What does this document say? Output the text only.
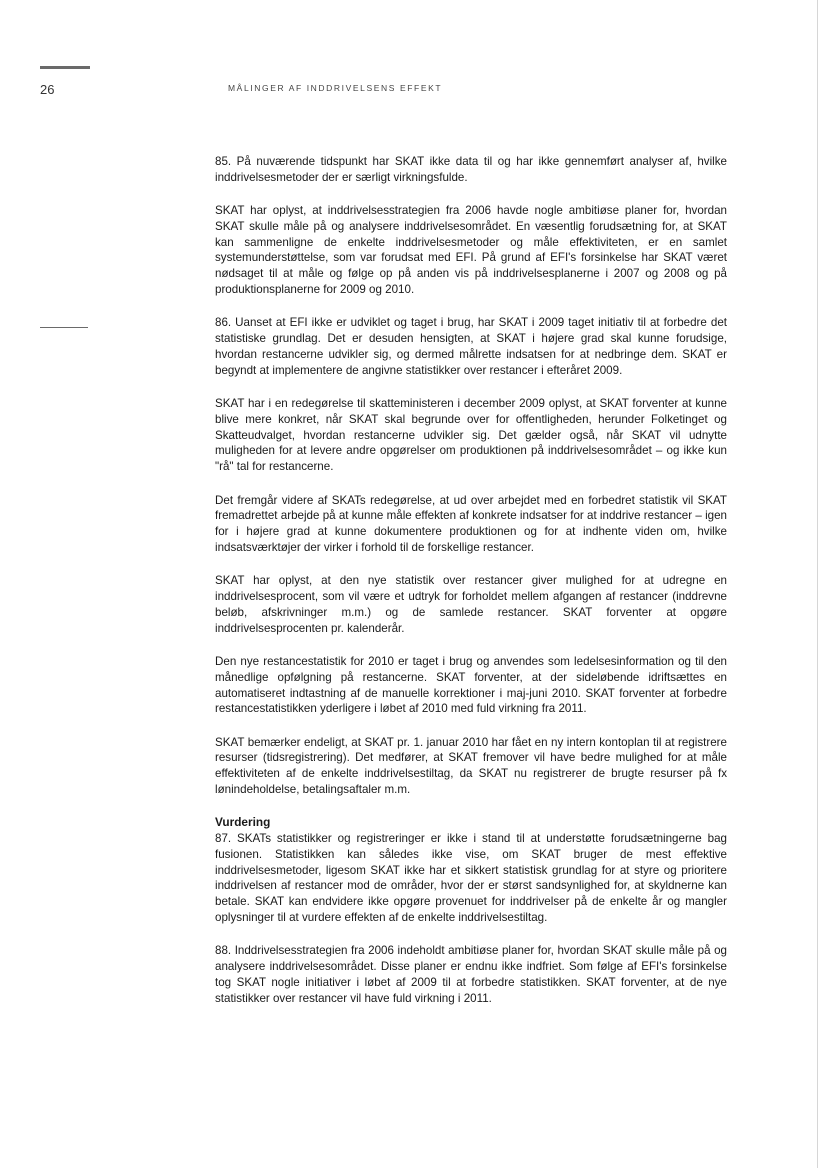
26	MÅLINGER AF INDDRIVELSENS EFFEKT

85. På nuværende tidspunkt har SKAT ikke data til og har ikke gennemført analyser af, hvilke inddrivelsesmetoder der er særligt virkningsfulde.

SKAT har oplyst, at inddrivelsesstrategien fra 2006 havde nogle ambitiøse planer for, hvordan SKAT skulle måle på og analysere inddrivelsesområdet. En væsentlig forudsætning for, at SKAT kan sammenligne de enkelte inddrivelsesmetoder og måle effektiviteten, er en samlet systemunderstøttelse, som var forudsat med EFI. På grund af EFI's forsinkelse har SKAT været nødsaget til at måle og følge op på anden vis på inddrivelsesplanerne i 2007 og 2008 og på produktionsplanerne for 2009 og 2010.

86. Uanset at EFI ikke er udviklet og taget i brug, har SKAT i 2009 taget initiativ til at forbedre det statistiske grundlag. Det er desuden hensigten, at SKAT i højere grad skal kunne forudsige, hvordan restancerne udvikler sig, og dermed målrette indsatsen for at nedbringe dem. SKAT er begyndt at implementere de angivne statistikker over restancer i efteråret 2009.

SKAT har i en redegørelse til skatteministeren i december 2009 oplyst, at SKAT forventer at kunne blive mere konkret, når SKAT skal begrunde over for offentligheden, herunder Folketinget og Skatteudvalget, hvordan restancerne udvikler sig. Det gælder også, når SKAT vil udnytte muligheden for at levere andre opgørelser om produktionen på inddrivelsesområdet – og ikke kun "rå" tal for restancerne.

Det fremgår videre af SKATs redegørelse, at ud over arbejdet med en forbedret statistik vil SKAT fremadrettet arbejde på at kunne måle effekten af konkrete indsatser for at inddrive restancer – igen for i højere grad at kunne dokumentere produktionen og for at indhente viden om, hvilke indsatsværktøjer der virker i forhold til de forskellige restancer.

SKAT har oplyst, at den nye statistik over restancer giver mulighed for at udregne en inddrivelsesprocent, som vil være et udtryk for forholdet mellem afgangen af restancer (inddrevne beløb, afskrivninger m.m.) og de samlede restancer. SKAT forventer at opgøre inddrivelsesprocenten pr. kalenderår.

Den nye restancestatistik for 2010 er taget i brug og anvendes som ledelsesinformation og til den månedlige opfølgning på restancerne. SKAT forventer, at der sideløbende idriftsættes en automatiseret indtastning af de manuelle korrektioner i maj-juni 2010. SKAT forventer at forbedre restancestatistikken yderligere i løbet af 2010 med fuld virkning fra 2011.

SKAT bemærker endeligt, at SKAT pr. 1. januar 2010 har fået en ny intern kontoplan til at registrere resurser (tidsregistrering). Det medfører, at SKAT fremover vil have bedre mulighed for at måle effektiviteten af de enkelte inddrivelsestiltag, da SKAT nu registrerer de brugte resurser på fx lønindeholdelse, betalingsaftaler m.m.

Vurdering

87. SKATs statistikker og registreringer er ikke i stand til at understøtte forudsætningerne bag fusionen. Statistikken kan således ikke vise, om SKAT bruger de mest effektive inddrivelsesmetoder, ligesom SKAT ikke har et sikkert statistisk grundlag for at styre og prioritere inddrivelsen af restancer mod de områder, hvor der er størst sandsynlighed for, at skyldnerne kan betale. SKAT kan endvidere ikke opgøre provenuet for inddrivelser på de enkelte år og mangler oplysninger til at vurdere effekten af de enkelte inddrivelsestiltag.

88. Inddrivelsesstrategien fra 2006 indeholdt ambitiøse planer for, hvordan SKAT skulle måle på og analysere inddrivelsesområdet. Disse planer er endnu ikke indfriet. Som følge af EFI's forsinkelse tog SKAT nogle initiativer i løbet af 2009 til at forbedre statistikken. SKAT forventer, at de nye statistikker over restancer vil have fuld virkning i 2011.
